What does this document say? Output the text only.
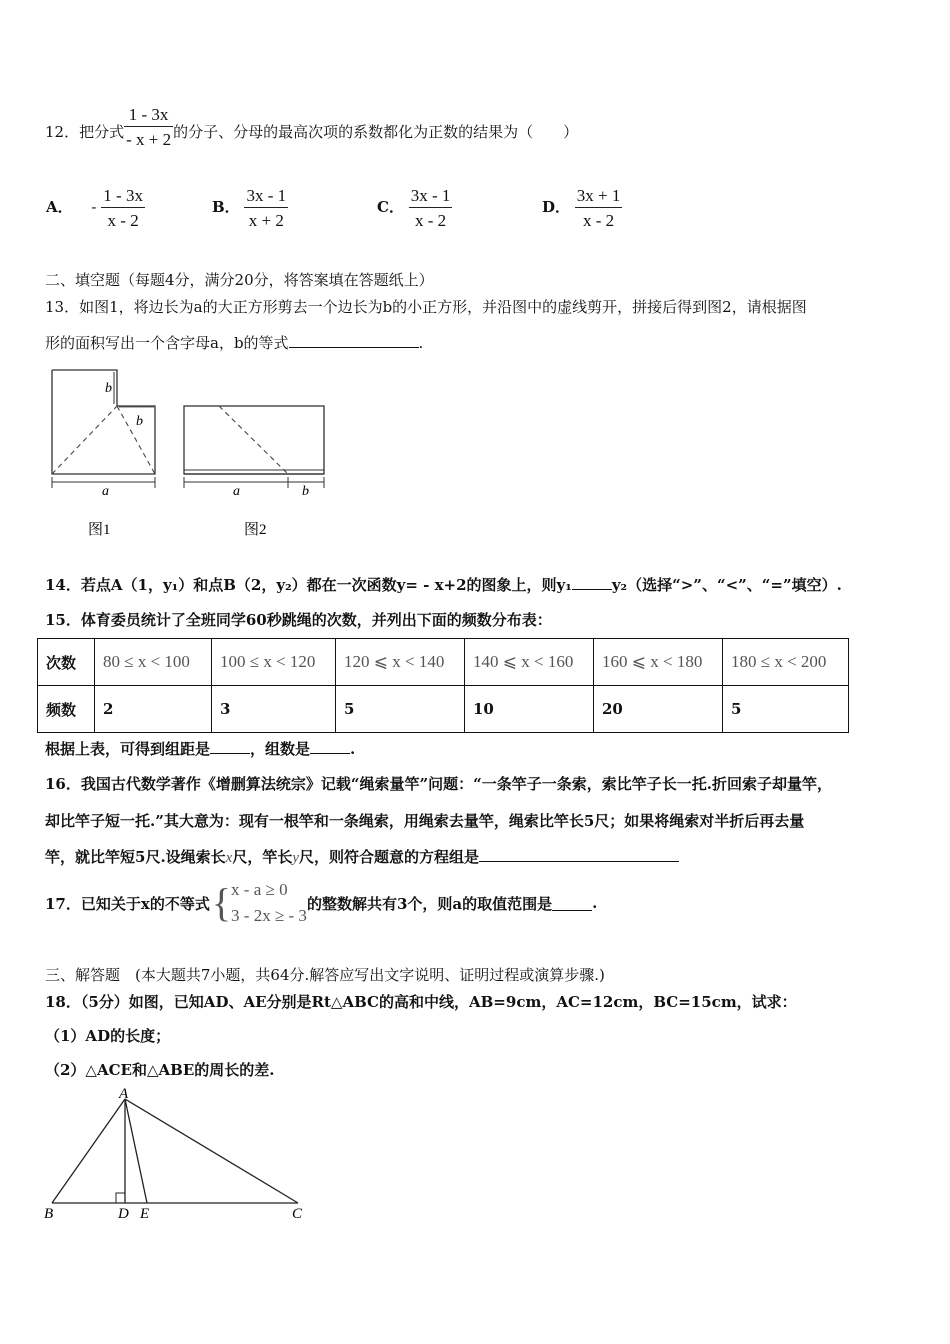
12．把分式 $\frac{1 - 3x}{- x + 2}$ 的分子、分母的最高次项的系数都化为正数的结果为（　　）
A． - $\frac{1 - 3x}{x - 2}$	B． $\frac{3x - 1}{x + 2}$	C． $\frac{3x - 1}{x - 2}$	D． $\frac{3x + 1}{x - 2}$
二、填空题（每题4分，满分20分，将答案填在答题纸上）
13．如图1，将边长为a的大正方形剪去一个边长为b的小正方形，并沿图中的虚线剪开，拼接后得到图2，请根据图
形的面积写出一个含字母a，b的等式	.
b
b
a	a	b
图1	图2
14．若点A（1，y₁）和点B（2，y₂）都在一次函数y= - x+2的图象上，则y₁	y₂（选择“>”、“<”、“=”填空）.
15．体育委员统计了全班同学60秒跳绳的次数，并列出下面的频数分布表：
次数	80 ≤ x < 100	100 ≤ x < 120	120 ⩽ x < 140	140 ⩽ x < 160	160 ⩽ x < 180	180 ≤ x < 200
频数	2	3	5	10	20	5
根据上表，可得到组距是	，组数是	.
16．我国古代数学著作《增删算法统宗》记载“绳索量竿”问题：“一条竿子一条索，索比竿子长一托.折回索子却量竿，
却比竿子短一托.”其大意为：现有一根竿和一条绳索，用绳索去量竿，绳索比竿长5尺；如果将绳索对半折后再去量
竿，就比竿短5尺.设绳索长x尺，竿长y尺，则符合题意的方程组是
17．已知关于x的不等式 { x - a ≥ 0
3 - 2x ≥ - 3
的整数解共有3个，则a的取值范围是	.
三、解答题　(本大题共7小题，共64分.解答应写出文字说明、证明过程或演算步骤.)
18．（5分）如图，已知AD、AE分别是Rt△ABC的高和中线，AB=9cm，AC=12cm，BC=15cm，试求：
（1）AD的长度；
（2）△ACE和△ABE的周长的差.
A
B	D E	C
